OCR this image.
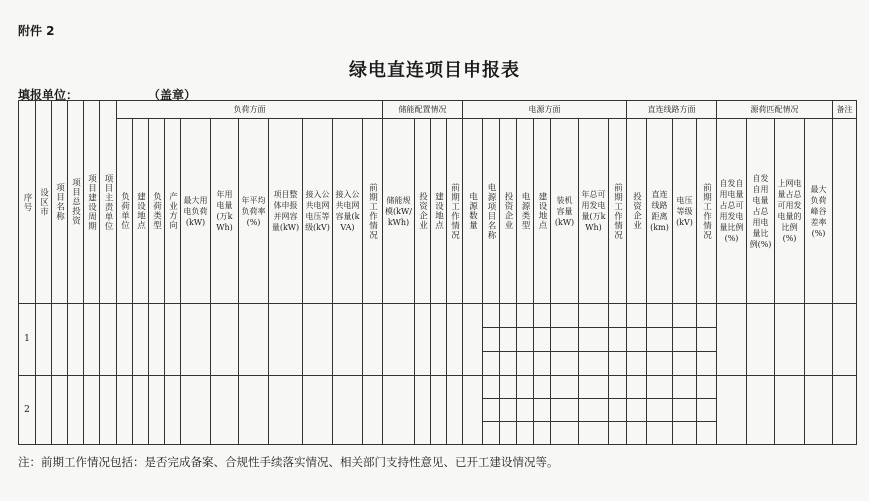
附件 2
绿电直连项目申报表
填报单位：	（盖章）
序号	设区市	项目名称	项目总投资	项目建设周期	项目主责单位	负荷方面											储能配置情况				电源方面								直连线路方面				源荷匹配情况				备注

						负荷单位	建设地点	负荷类型	产业方向	最大用电负荷(kW)	年用电量(万kWh)	年平均负荷率(%)	项目整体申报并网容量(kW)	接入公共电网电压等级(kV)	接入公共电网容量(kVA)	前期工作情况	储能规模(kW/kWh)	投资企业	建设地点	前期工作情况	电源数量	电源项目名称	投资企业	电源类型	建设地点	装机容量(kW)	年总可用发电量(万kWh)	前期工作情况	投资企业	直连线路距离(km)	电压等级(kV)	前期工作情况	自发自用电量占总可用发电量比例(%)	自发自用电量占总用电量比例(%)	上网电量占总可用发电量的比例(%)	最大负荷峰谷差率(%)	

1																																					

2																																					

注：前期工作情况包括：是否完成备案、合规性手续落实情况、相关部门支持性意见、已开工建设情况等。
